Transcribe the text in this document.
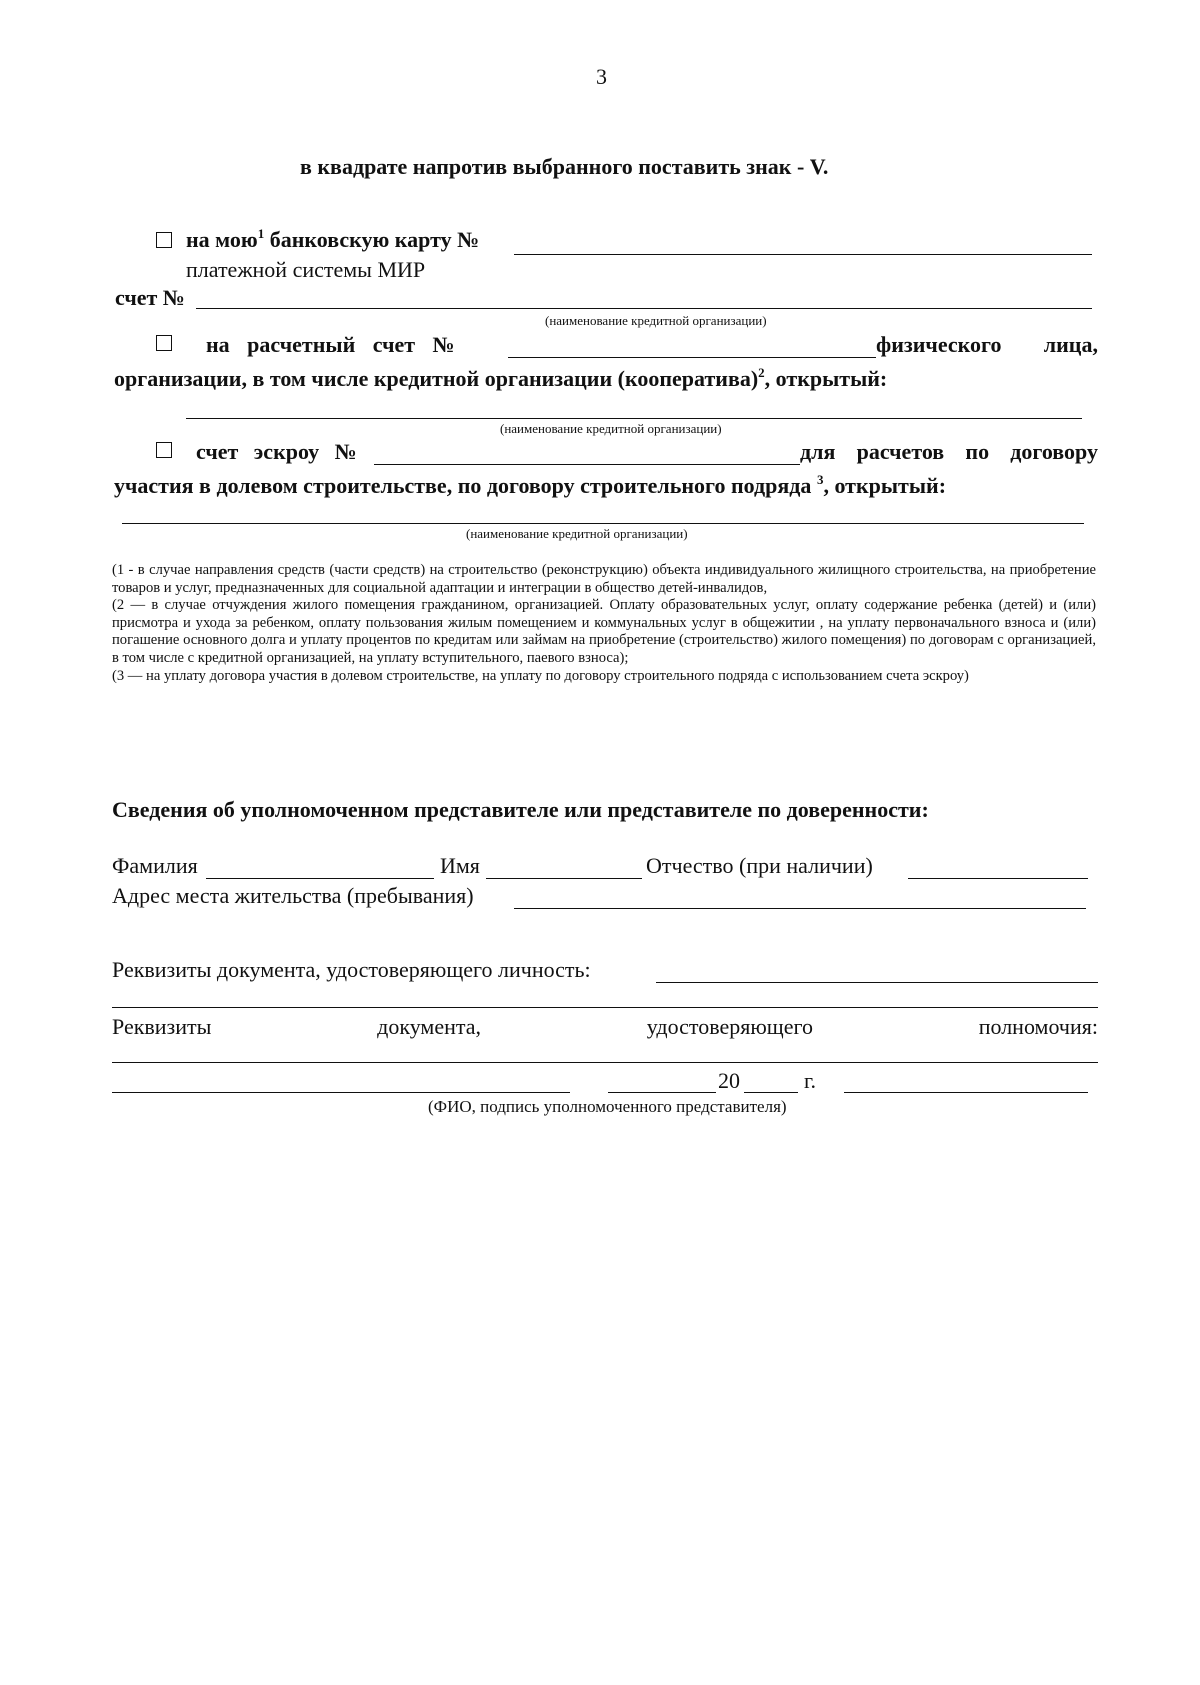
3
в квадрате напротив выбранного поставить знак - V.
на мою$^1$ банковскую карту №
платежной системы МИР
счет №
(наименование кредитной организации)
на расчетный счет №	физического лица,
организации, в том числе кредитной организации (кооператива)$^2$, открытый:
(наименование кредитной организации)
счет эскроу №	для расчетов по договору
участия в долевом строительстве, по договору строительного подряда $^3$, открытый:
(наименование кредитной организации)

(1 - в случае направления средств (части средств) на строительство (реконструкцию) объекта индивидуального жилищного строительства, на приобретение товаров и услуг, предназначенных для социальной адаптации и интеграции в общество детей-инвалидов,

(2 — в случае отчуждения жилого помещения гражданином, организацией. Оплату образовательных услуг, оплату содержание ребенка (детей) и (или) присмотра и ухода за ребенком, оплату пользования жилым помещением и коммунальных услуг в общежитии , на уплату первоначального взноса и (или) погашение основного долга и уплату процентов по кредитам или займам на приобретение (строительство) жилого помещения) по договорам с организацией, в том числе с кредитной организацией, на уплату вступительного, паевого взноса);

(3 — на уплату договора участия в долевом строительстве, на уплату по договору строительного подряда с использованием счета эскроу)

Сведения об уполномоченном представителе или представителе по доверенности:
Фамилия	Имя	Отчество (при наличии)
Адрес места жительства (пребывания)
Реквизиты документа, удостоверяющего личность:
Реквизиты	документа,	удостоверяющего	полномочия:
20	г.
(ФИО, подпись уполномоченного представителя)
